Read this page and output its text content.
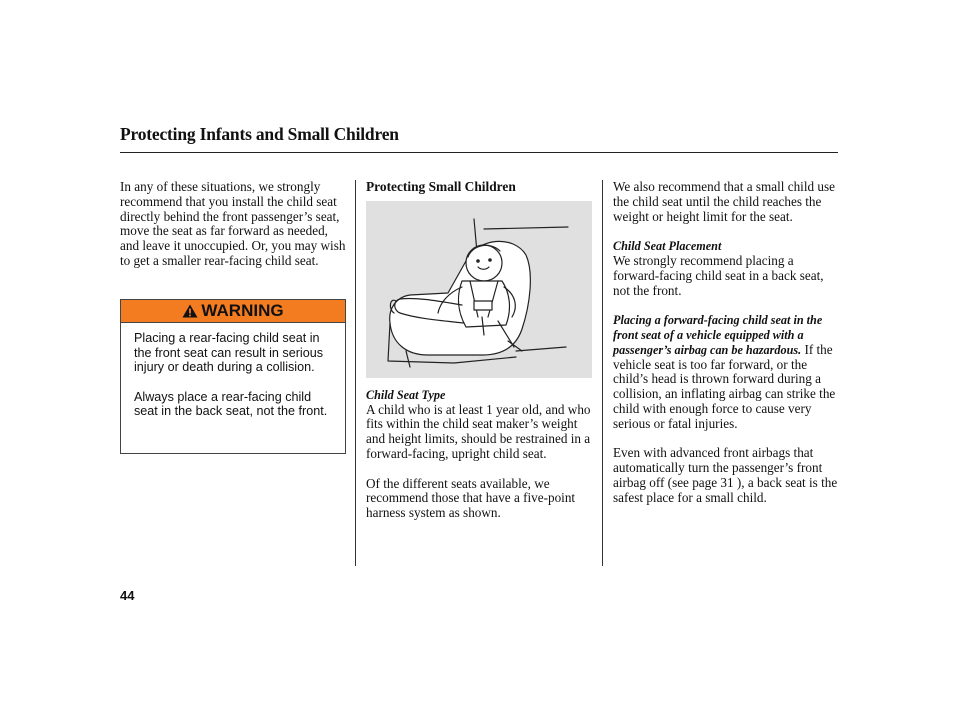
Protecting Infants and Small Children

In any of these situations, we strongly recommend that you install the child seat directly behind the front passenger’s seat, move the seat as far forward as needed, and leave it unoccupied. Or, you may wish to get a smaller rear-facing child seat.

WARNING

Placing a rear-facing child seat in the front seat can result in serious injury or death during a collision.

Always place a rear-facing child seat in the back seat, not the front.

Protecting Small Children

Child Seat Type

A child who is at least 1 year old, and who fits within the child seat maker’s weight and height limits, should be restrained in a forward-facing, upright child seat.

Of the different seats available, we recommend those that have a five-point harness system as shown.

We also recommend that a small child use the child seat until the child reaches the weight or height limit for the seat.

Child Seat Placement

We strongly recommend placing a forward-facing child seat in a back seat, not the front.

Placing a forward-facing child seat in the front seat of a vehicle equipped with a passenger’s airbag can be hazardous. If the vehicle seat is too far forward, or the child’s head is thrown forward during a collision, an inflating airbag can strike the child with enough force to cause very serious or fatal injuries.

Even with advanced front airbags that automatically turn the passenger’s front airbag off (see page 31 ), a back seat is the safest place for a small child.

44
